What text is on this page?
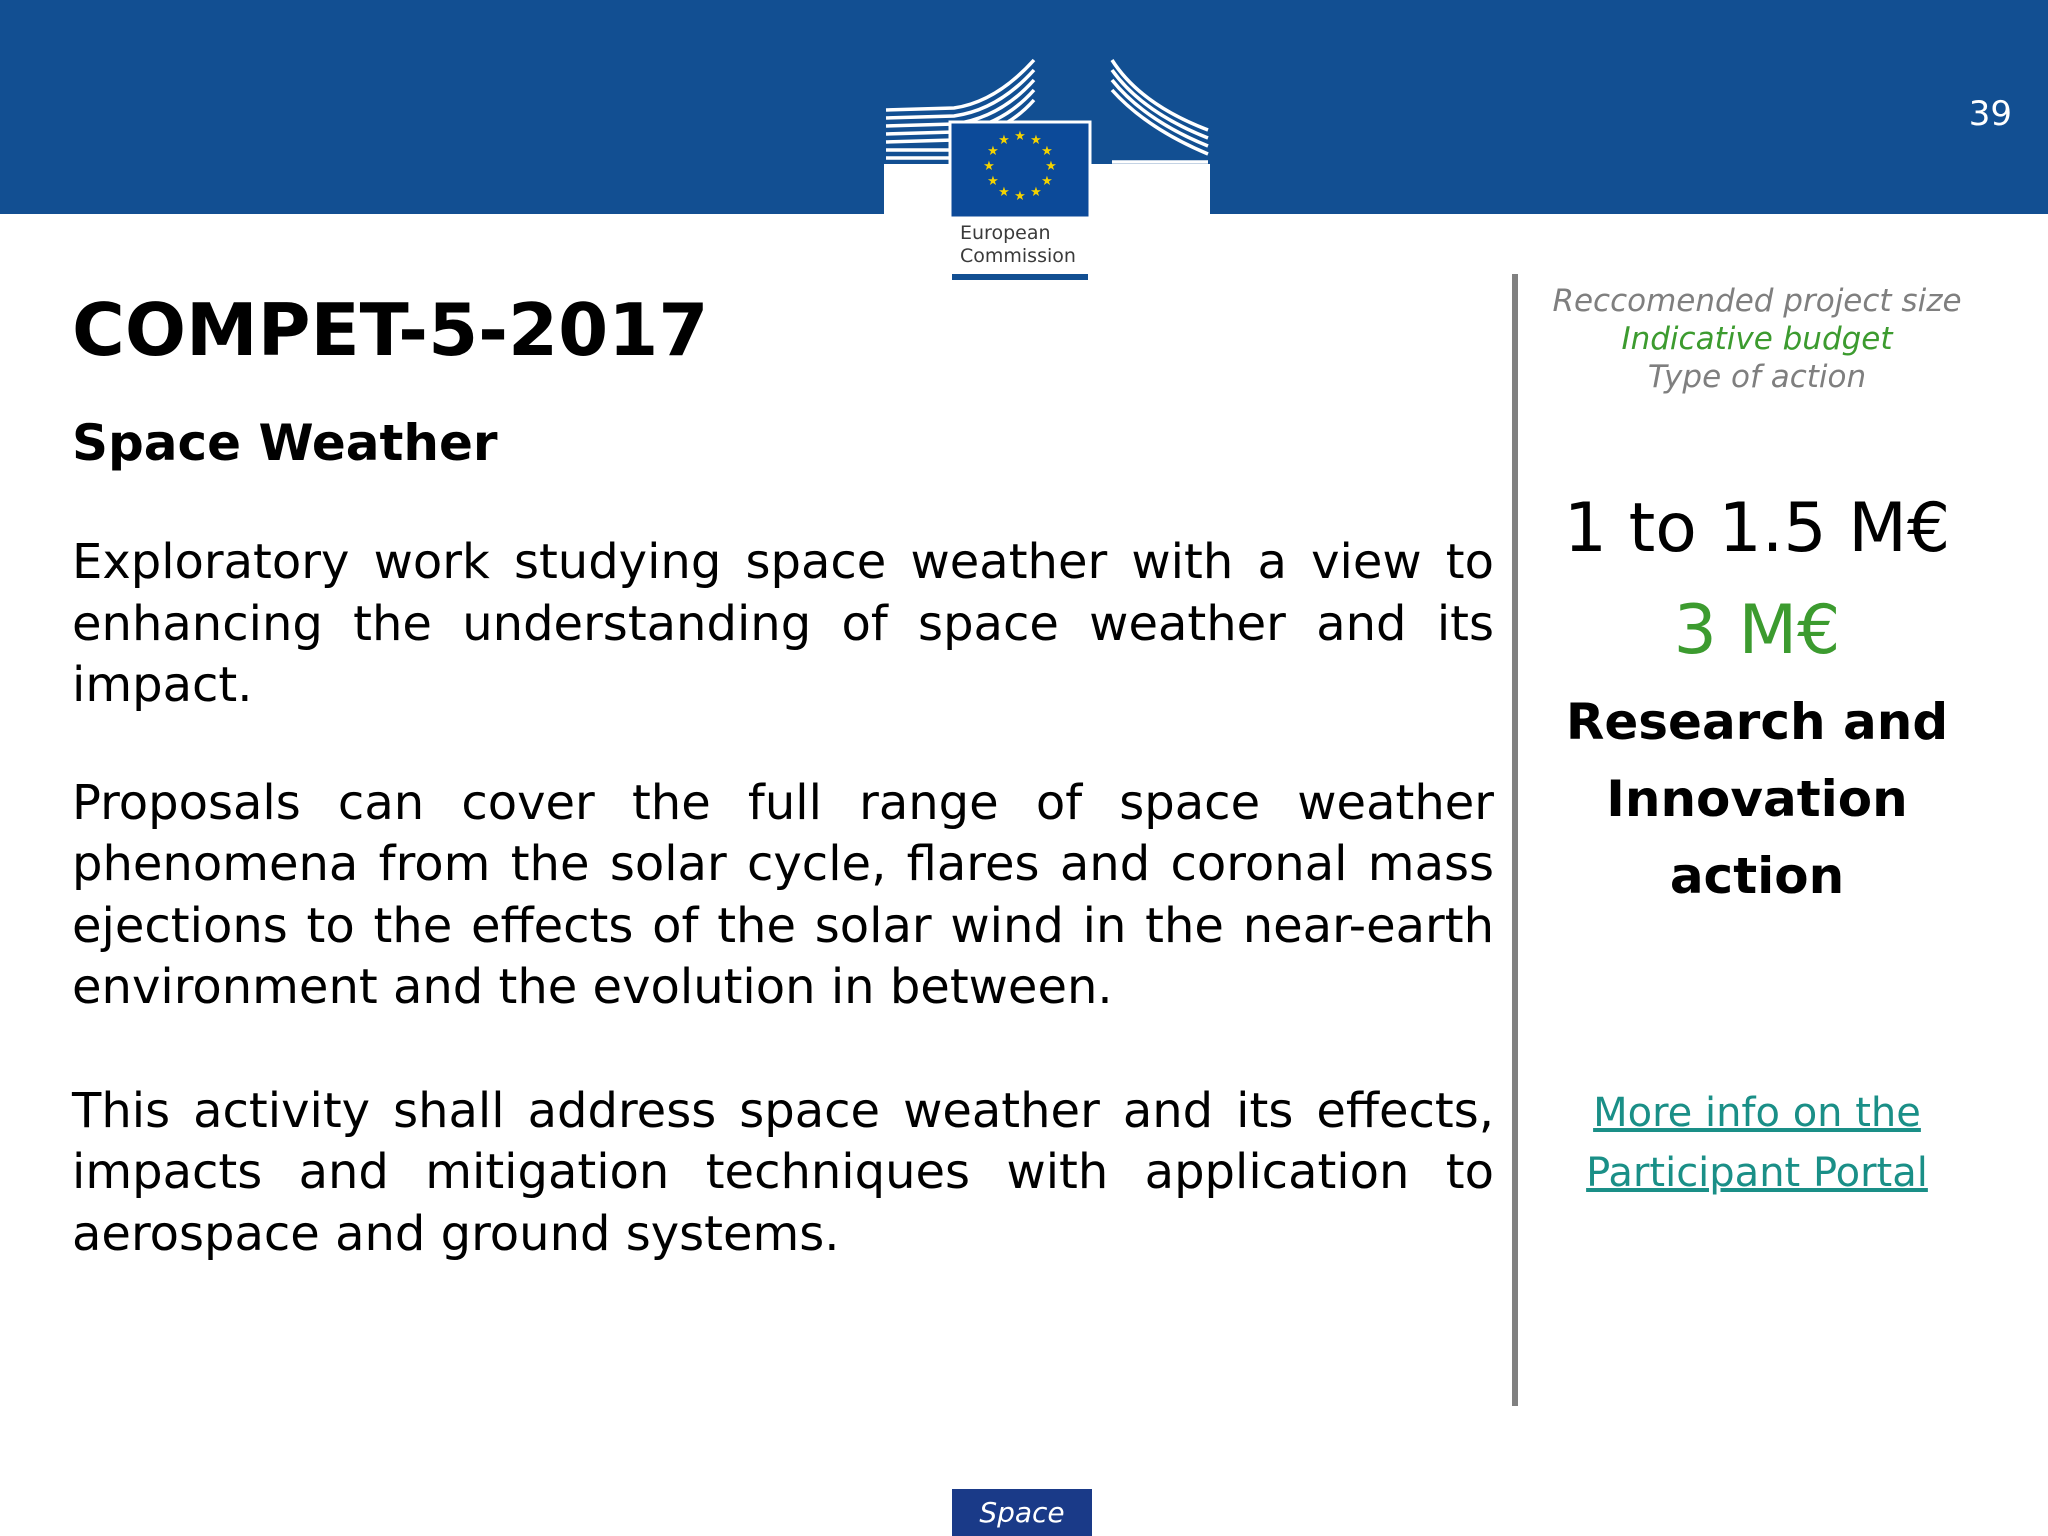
39
★ ★
★
★
★
★
★
★
★
★
★
★
European
Commission
COMPET-5-2017
Space Weather

Exploratory work studying space weather with a view to enhancing the understanding of space weather and its impact.

Proposals can cover the full range of space weather phenomena from the solar cycle, flares and coronal mass ejections to the effects of the solar wind in the near-earth environment and the evolution in between.

This activity shall address space weather and its effects, impacts and mitigation techniques with application to aerospace and ground systems.

Reccomended project size
Indicative budget
Type of action
1 to 1.5 M€
3 M€
Research and
Innovation
action
More info on the
Participant Portal
Space
